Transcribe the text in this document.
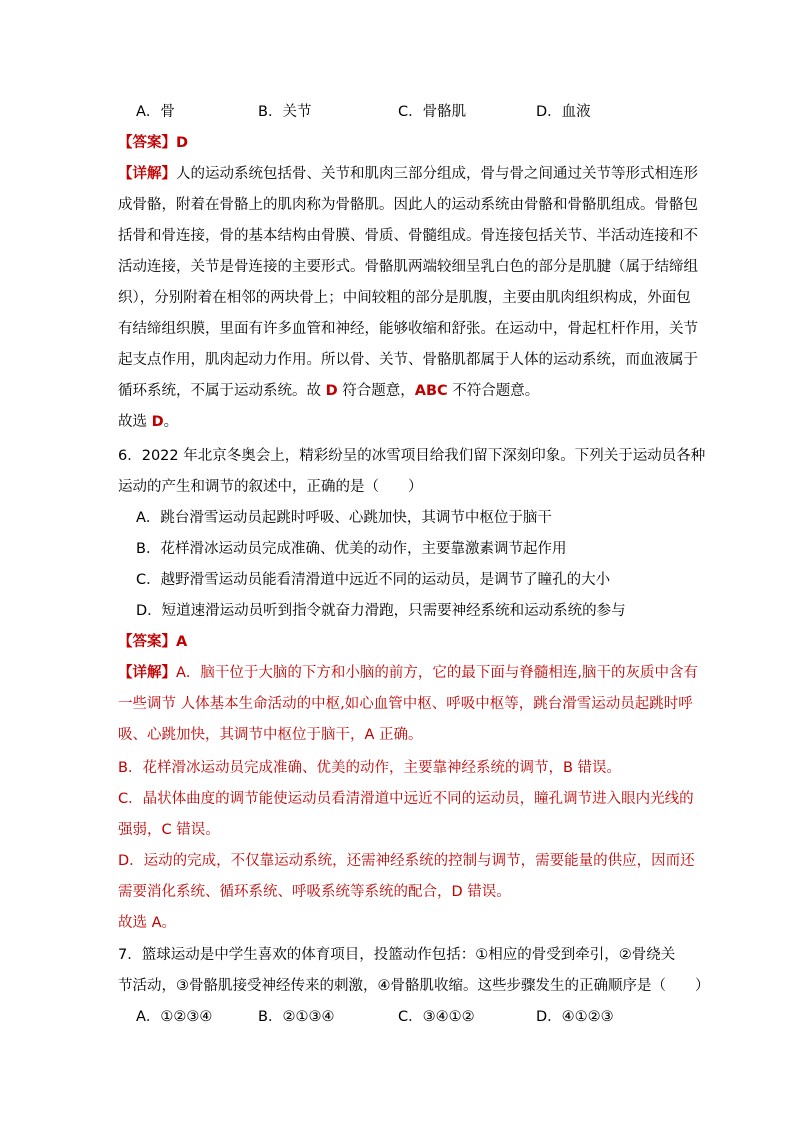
A．骨	B．关节	C．骨骼肌	D．血液
【答案】D
【详解】人的运动系统包括骨、关节和肌肉三部分组成，骨与骨之间通过关节等形式相连形
成骨骼，附着在骨骼上的肌肉称为骨骼肌。因此人的运动系统由骨骼和骨骼肌组成。骨骼包
括骨和骨连接，骨的基本结构由骨膜、骨质、骨髓组成。骨连接包括关节、半活动连接和不
活动连接，关节是骨连接的主要形式。骨骼肌两端较细呈乳白色的部分是肌腱（属于结缔组
织），分别附着在相邻的两块骨上；中间较粗的部分是肌腹，主要由肌肉组织构成，外面包
有结缔组织膜，里面有许多血管和神经，能够收缩和舒张。在运动中，骨起杠杆作用，关节
起支点作用，肌肉起动力作用。所以骨、关节、骨骼肌都属于人体的运动系统，而血液属于
循环系统，不属于运动系统。故 D 符合题意，ABC 不符合题意。
故选 D。
6．2022 年北京冬奥会上，精彩纷呈的冰雪项目给我们留下深刻印象。下列关于运动员各种
运动的产生和调节的叙述中，正确的是（　　）
A．跳台滑雪运动员起跳时呼吸、心跳加快，其调节中枢位于脑干
B．花样滑冰运动员完成准确、优美的动作，主要靠激素调节起作用
C．越野滑雪运动员能看清滑道中远近不同的运动员，是调节了瞳孔的大小
D．短道速滑运动员听到指令就奋力滑跑，只需要神经系统和运动系统的参与
【答案】A
【详解】A．脑干位于大脑的下方和小脑的前方，它的最下面与脊髓相连,脑干的灰质中含有
一些调节 人体基本生命活动的中枢,如心血管中枢、呼吸中枢等，跳台滑雪运动员起跳时呼
吸、心跳加快，其调节中枢位于脑干，A 正确。
B．花样滑冰运动员完成准确、优美的动作，主要靠神经系统的调节，B 错误。
C．晶状体曲度的调节能使运动员看清滑道中远近不同的运动员，瞳孔调节进入眼内光线的
强弱，C 错误。
D．运动的完成，不仅靠运动系统，还需神经系统的控制与调节，需要能量的供应，因而还
需要消化系统、循环系统、呼吸系统等系统的配合，D 错误。
故选 A。
7．篮球运动是中学生喜欢的体育项目，投篮动作包括：①相应的骨受到牵引，②骨绕关
节活动，③骨骼肌接受神经传来的刺激，④骨骼肌收缩。这些步骤发生的正确顺序是（　　）
A．①②③④	B．②①③④	C．③④①②	D．④①②③
